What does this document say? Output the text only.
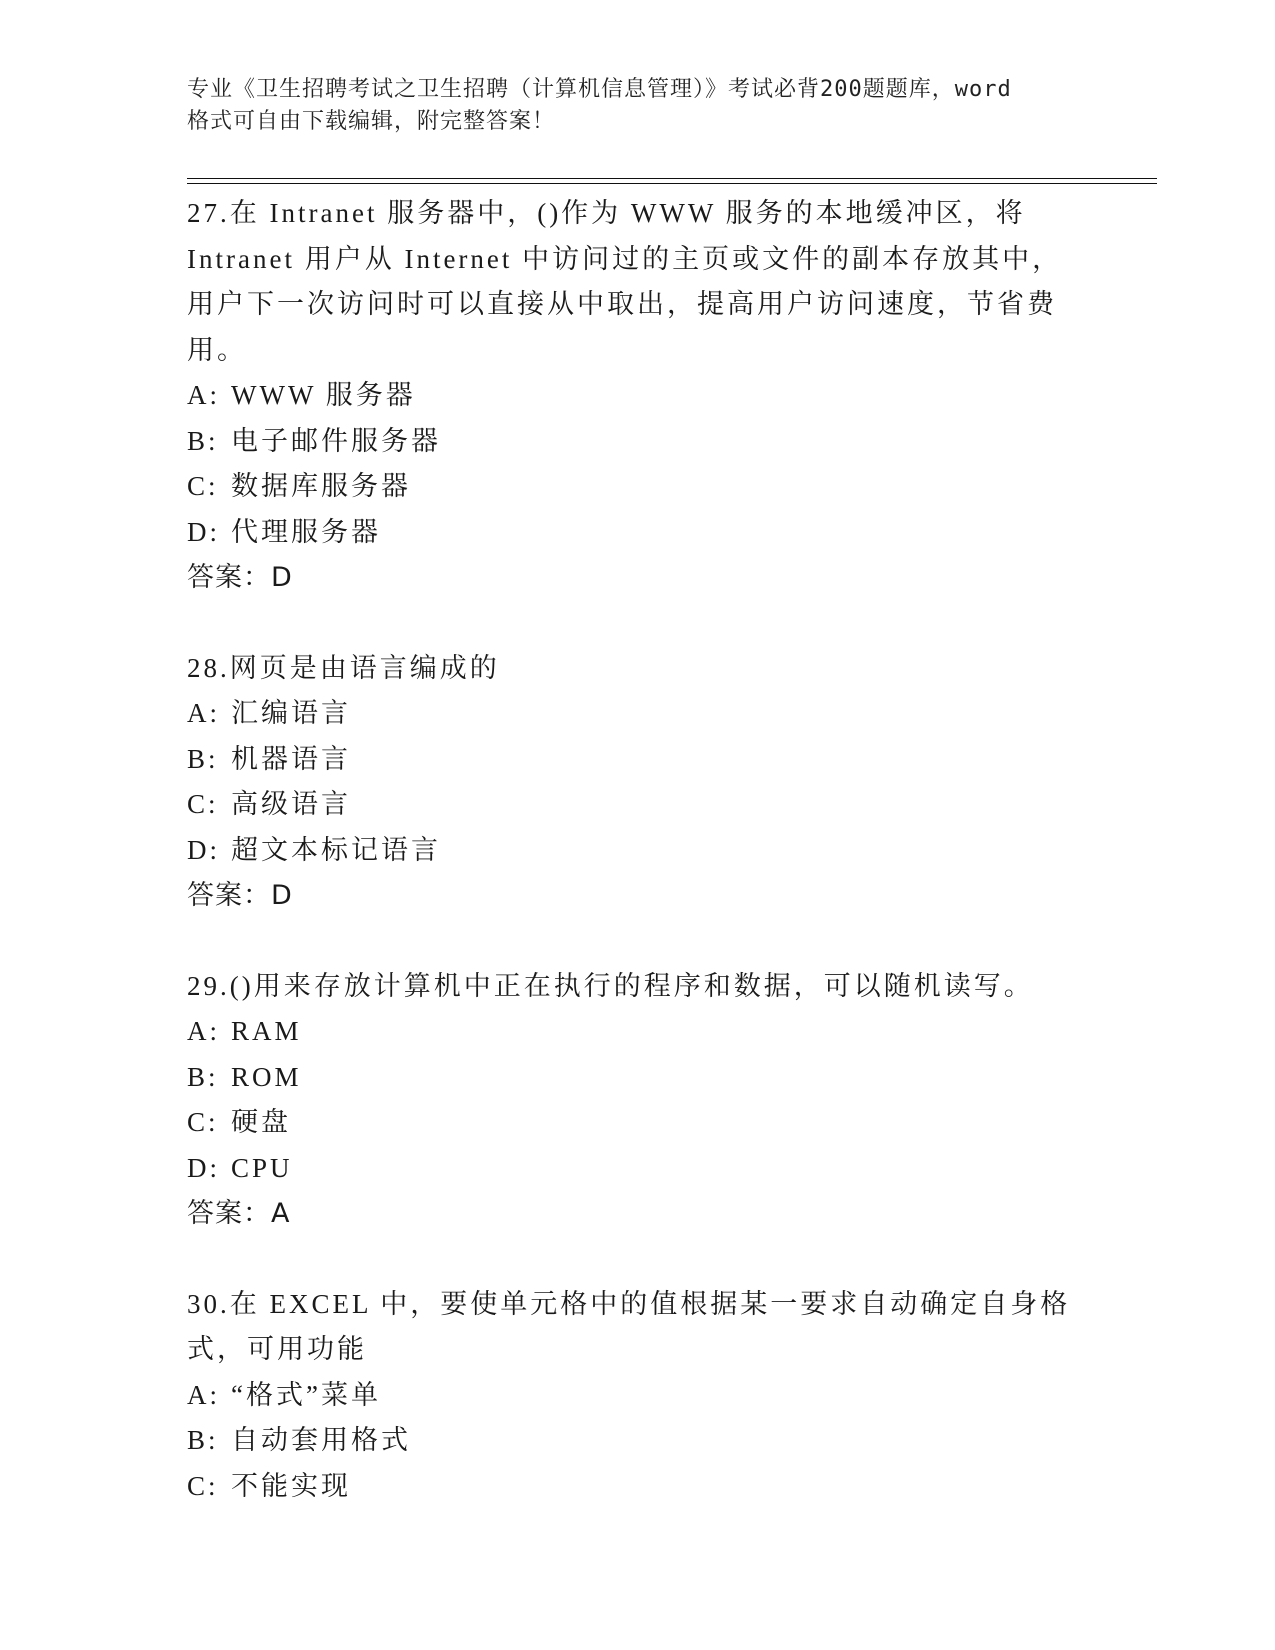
专业《卫生招聘考试之卫生招聘（计算机信息管理）》考试必背200题题库，word
格式可自由下载编辑，附完整答案！

27.在 Intranet 服务器中，()作为 WWW 服务的本地缓冲区，将 Intranet 用户从 Internet 中访问过的主页或文件的副本存放其中，用户下一次访问时可以直接从中取出，提高用户访问速度，节省费用。

A: WWW 服务器

B: 电子邮件服务器

C: 数据库服务器

D: 代理服务器

答案：D

28.网页是由语言编成的

A: 汇编语言

B: 机器语言

C: 高级语言

D: 超文本标记语言

答案：D

29.()用来存放计算机中正在执行的程序和数据，可以随机读写。

A: RAM

B: ROM

C: 硬盘

D: CPU

答案：A

30.在 EXCEL 中，要使单元格中的值根据某一要求自动确定自身格式，可用功能

A: “格式”菜单

B: 自动套用格式

C: 不能实现
